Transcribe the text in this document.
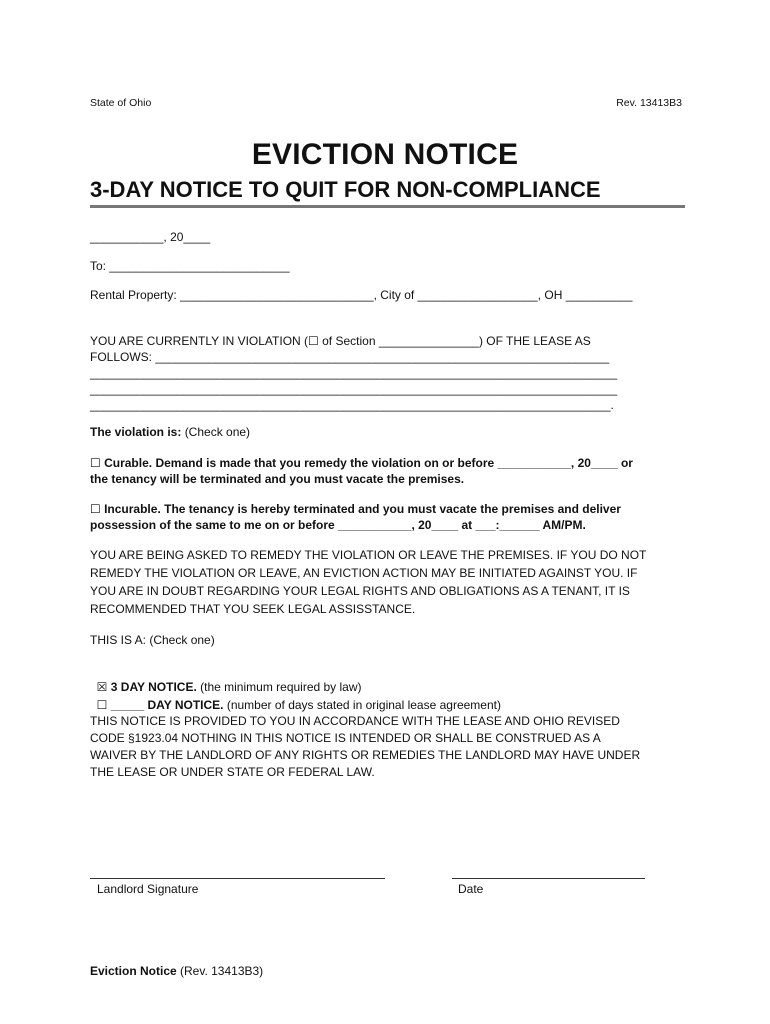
State of Ohio	Rev. 13413B3
EVICTION NOTICE
3-DAY NOTICE TO QUIT FOR NON-COMPLIANCE
___________, 20____
To: ___________________________
Rental Property: _____________________________, City of __________________, OH __________
YOU ARE CURRENTLY IN VIOLATION (☐ of Section _______________) OF THE LEASE AS
FOLLOWS: ____________________________________________________________________
_______________________________________________________________________________
_______________________________________________________________________________
______________________________________________________________________________.
The violation is: (Check one)
☐ Curable. Demand is made that you remedy the violation on or before ___________, 20____ or
the tenancy will be terminated and you must vacate the premises.
☐ Incurable. The tenancy is hereby terminated and you must vacate the premises and deliver
possession of the same to me on or before ___________, 20____ at ___:______ AM/PM.
YOU ARE BEING ASKED TO REMEDY THE VIOLATION OR LEAVE THE PREMISES. IF YOU DO NOT
REMEDY THE VIOLATION OR LEAVE, AN EVICTION ACTION MAY BE INITIATED AGAINST YOU. IF
YOU ARE IN DOUBT REGARDING YOUR LEGAL RIGHTS AND OBLIGATIONS AS A TENANT, IT IS
RECOMMENDED THAT YOU SEEK LEGAL ASSISSTANCE.
THIS IS A: (Check one)

☒ 3 DAY NOTICE. (the minimum required by law)

☐ _____ DAY NOTICE. (number of days stated in original lease agreement)

THIS NOTICE IS PROVIDED TO YOU IN ACCORDANCE WITH THE LEASE AND OHIO REVISED
CODE §1923.04 NOTHING IN THIS NOTICE IS INTENDED OR SHALL BE CONSTRUED AS A
WAIVER BY THE LANDLORD OF ANY RIGHTS OR REMEDIES THE LANDLORD MAY HAVE UNDER
THE LEASE OR UNDER STATE OR FEDERAL LAW.
Landlord Signature	Date
Eviction Notice (Rev. 13413B3)
